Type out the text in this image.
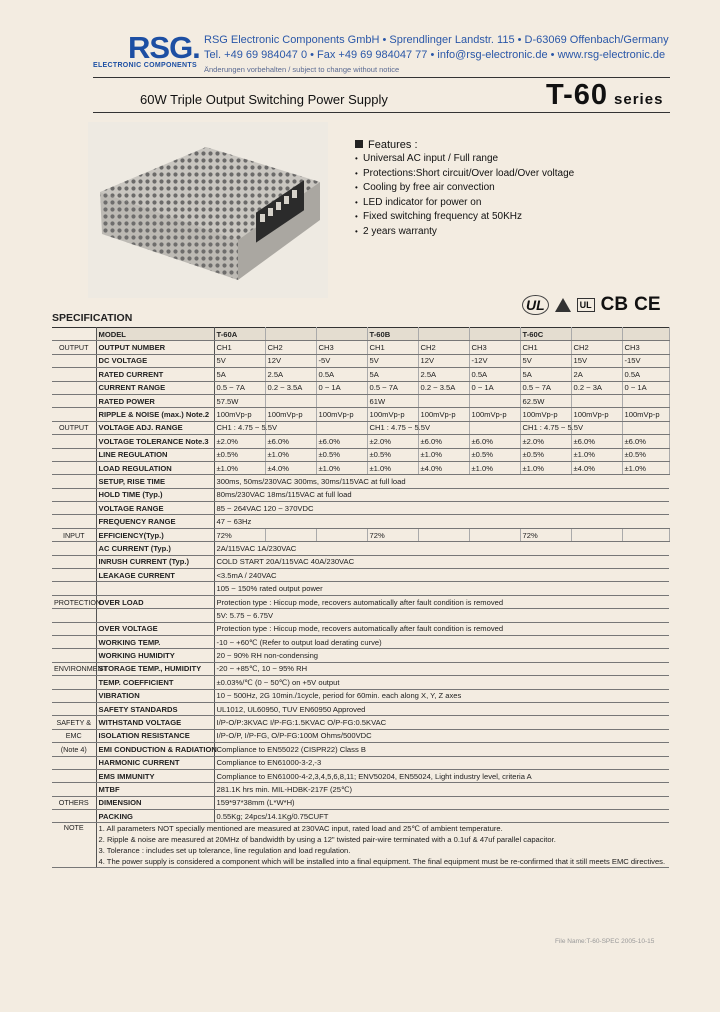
RSG.
ELECTRONIC COMPONENTS
RSG Electronic Components GmbH • Sprendlinger Landstr. 115 • D-63069 Offenbach/Germany
Tel. +49 69 984047 0 • Fax +49 69 984047 77 • info@rsg-electronic.de • www.rsg-electronic.de
Änderungen vorbehalten / subject to change without notice
60W Triple Output Switching Power Supply	T-60 series
Features :
• Universal AC input / Full range
• Protections:Short circuit/Over load/Over voltage
• Cooling by free air convection
• LED indicator for power on
• Fixed switching frequency at 50KHz
• 2 years warranty
UL	UL CB CE
SPECIFICATION
	MODEL	T-60A			T-60B			T-60C		
OUTPUT	OUTPUT NUMBER	CH1	CH2	CH3	CH1	CH2	CH3	CH1	CH2	CH3
	DC VOLTAGE	5V	12V	-5V	5V	12V	-12V	5V	15V	-15V
	RATED CURRENT	5A	2.5A	0.5A	5A	2.5A	0.5A	5A	2A	0.5A
	CURRENT RANGE	0.5 ~ 7A	0.2 ~ 3.5A	0 ~ 1A	0.5 ~ 7A	0.2 ~ 3.5A	0 ~ 1A	0.5 ~ 7A	0.2 ~ 3A	0 ~ 1A
	RATED POWER	57.5W			61W			62.5W		
	RIPPLE & NOISE (max.) Note.2	100mVp-p	100mVp-p	100mVp-p	100mVp-p	100mVp-p	100mVp-p	100mVp-p	100mVp-p	100mVp-p
OUTPUT	VOLTAGE ADJ. RANGE	CH1 : 4.75 ~ 5.5V			CH1 : 4.75 ~ 5.5V			CH1 : 4.75 ~ 5.5V		
	VOLTAGE TOLERANCE Note.3	±2.0%	±6.0%	±6.0%	±2.0%	±6.0%	±6.0%	±2.0%	±6.0%	±6.0%
	LINE REGULATION	±0.5%	±1.0%	±0.5%	±0.5%	±1.0%	±0.5%	±0.5%	±1.0%	±0.5%
	LOAD REGULATION	±1.0%	±4.0%	±1.0%	±1.0%	±4.0%	±1.0%	±1.0%	±4.0%	±1.0%
	SETUP, RISE TIME	300ms, 50ms/230VAC 300ms, 30ms/115VAC at full load								
	HOLD TIME (Typ.)	80ms/230VAC 18ms/115VAC at full load								
	VOLTAGE RANGE	85 ~ 264VAC 120 ~ 370VDC								
	FREQUENCY RANGE	47 ~ 63Hz								
INPUT	EFFICIENCY(Typ.)	72%			72%			72%		
	AC CURRENT (Typ.)	2A/115VAC 1A/230VAC								
	INRUSH CURRENT (Typ.)	COLD START 20A/115VAC 40A/230VAC								
	LEAKAGE CURRENT	<3.5mA / 240VAC								
		105 ~ 150% rated output power								
PROTECTION	OVER LOAD	Protection type : Hiccup mode, recovers automatically after fault condition is removed								
		5V: 5.75 ~ 6.75V								
	OVER VOLTAGE	Protection type : Hiccup mode, recovers automatically after fault condition is removed								
	WORKING TEMP.	-10 ~ +60℃ (Refer to output load derating curve)								
	WORKING HUMIDITY	20 ~ 90% RH non-condensing								
ENVIRONMENT	STORAGE TEMP., HUMIDITY	-20 ~ +85℃, 10 ~ 95% RH								
	TEMP. COEFFICIENT	±0.03%/℃ (0 ~ 50℃) on +5V output								
	VIBRATION	10 ~ 500Hz, 2G 10min./1cycle, period for 60min. each along X, Y, Z axes								
	SAFETY STANDARDS	UL1012, UL60950, TUV EN60950 Approved								
SAFETY &	WITHSTAND VOLTAGE	I/P-O/P:3KVAC I/P-FG:1.5KVAC O/P-FG:0.5KVAC								
EMC	ISOLATION RESISTANCE	I/P-O/P, I/P-FG, O/P-FG:100M Ohms/500VDC								
(Note 4)	EMI CONDUCTION & RADIATION	Compliance to EN55022 (CISPR22) Class B								
	HARMONIC CURRENT	Compliance to EN61000-3-2,-3								
	EMS IMMUNITY	Compliance to EN61000-4-2,3,4,5,6,8,11; ENV50204, EN55024, Light industry level, criteria A								
	MTBF	281.1K hrs min. MIL-HDBK-217F (25℃)								
OTHERS	DIMENSION	159*97*38mm (L*W*H)								
	PACKING	0.55Kg; 24pcs/14.1Kg/0.75CUFT								
NOTE	1. All parameters NOT specially mentioned are measured at 230VAC input, rated load and 25℃ of ambient temperature.
2. Ripple & noise are measured at 20MHz of bandwidth by using a 12" twisted pair-wire terminated with a 0.1uf & 47uf parallel capacitor.
3. Tolerance : includes set up tolerance, line regulation and load regulation.
4. The power supply is considered a component which will be installed into a final equipment. The final equipment must be re-confirmed that it still meets EMC directives.									
File Name:T-60-SPEC 2005-10-15
